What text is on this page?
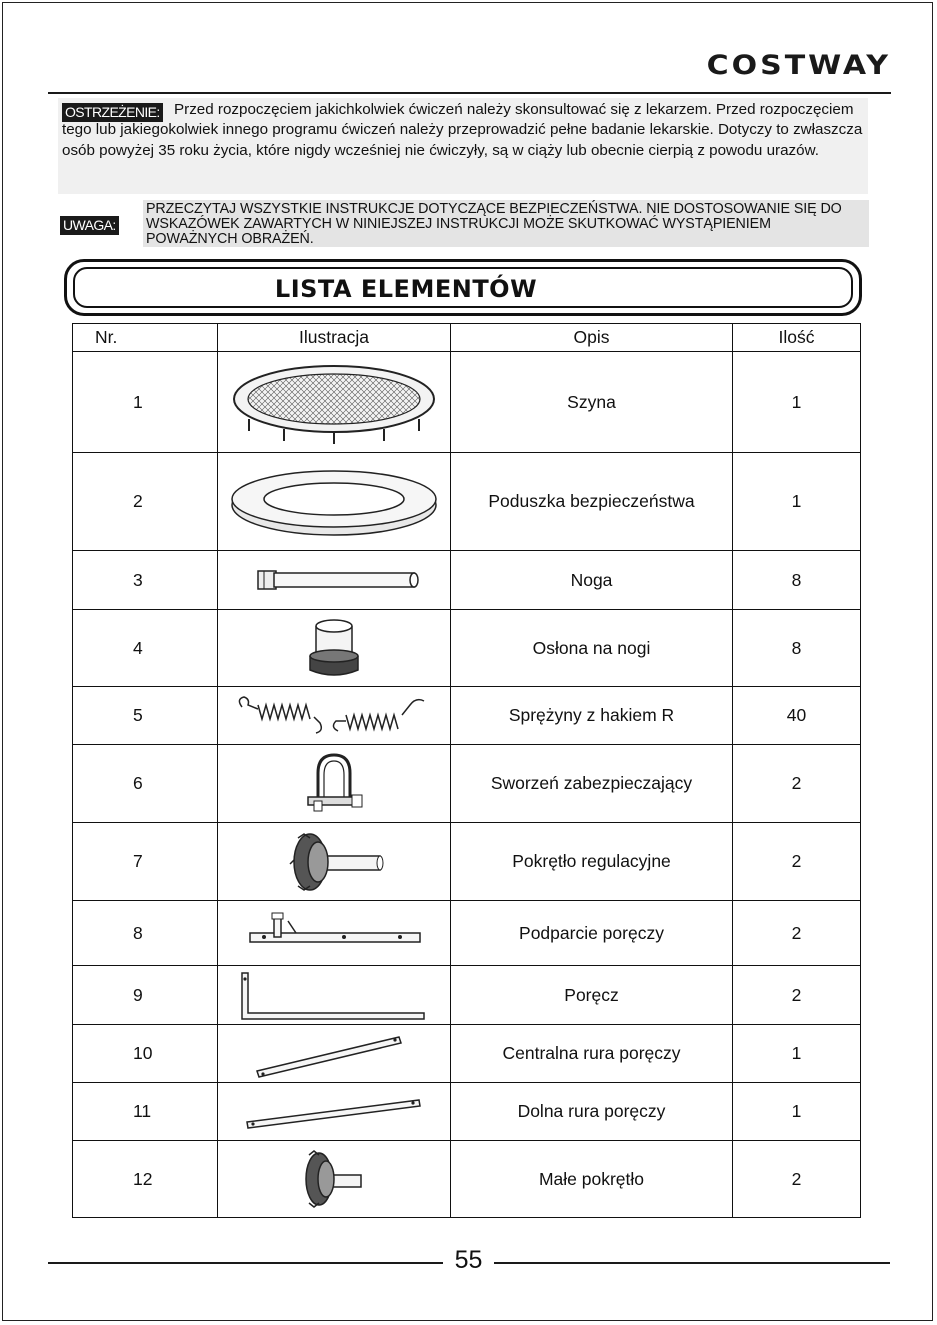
COSTWAY
OSTRZEŻENIE: Przed rozpoczęciem jakichkolwiek ćwiczeń należy skonsultować się z lekarzem. Przed rozpoczęciem tego lub jakiegokolwiek innego programu ćwiczeń należy przeprowadzić pełne badanie lekarskie. Dotyczy to zwłaszcza osób powyżej 35 roku życia, które nigdy wcześniej nie ćwiczyły, są w ciąży lub obecnie cierpią z powodu urazów.
UWAGA:
PRZECZYTAJ WSZYSTKIE INSTRUKCJE DOTYCZĄCE BEZPIECZEŃSTWA. NIE DOSTOSOWANIE SIĘ DO WSKAZÓWEK ZAWARTYCH W NINIEJSZEJ INSTRUKCJI MOŻE SKUTKOWAĆ WYSTĄPIENIEM POWAŻNYCH OBRAŻEŃ.
LISTA ELEMENTÓW
Nr.	Ilustracja	Opis	Ilość
1		Szyna	1
2		Poduszka bezpieczeństwa	1
3		Noga	8
4		Osłona na nogi	8
5		Sprężyny z hakiem R	40
6		Sworzeń zabezpieczający	2
7		Pokrętło regulacyjne	2
8		Podparcie poręczy	2
9		Poręcz	2
10		Centralna rura poręczy	1
11		Dolna rura poręczy	1
12		Małe pokrętło	2
55
